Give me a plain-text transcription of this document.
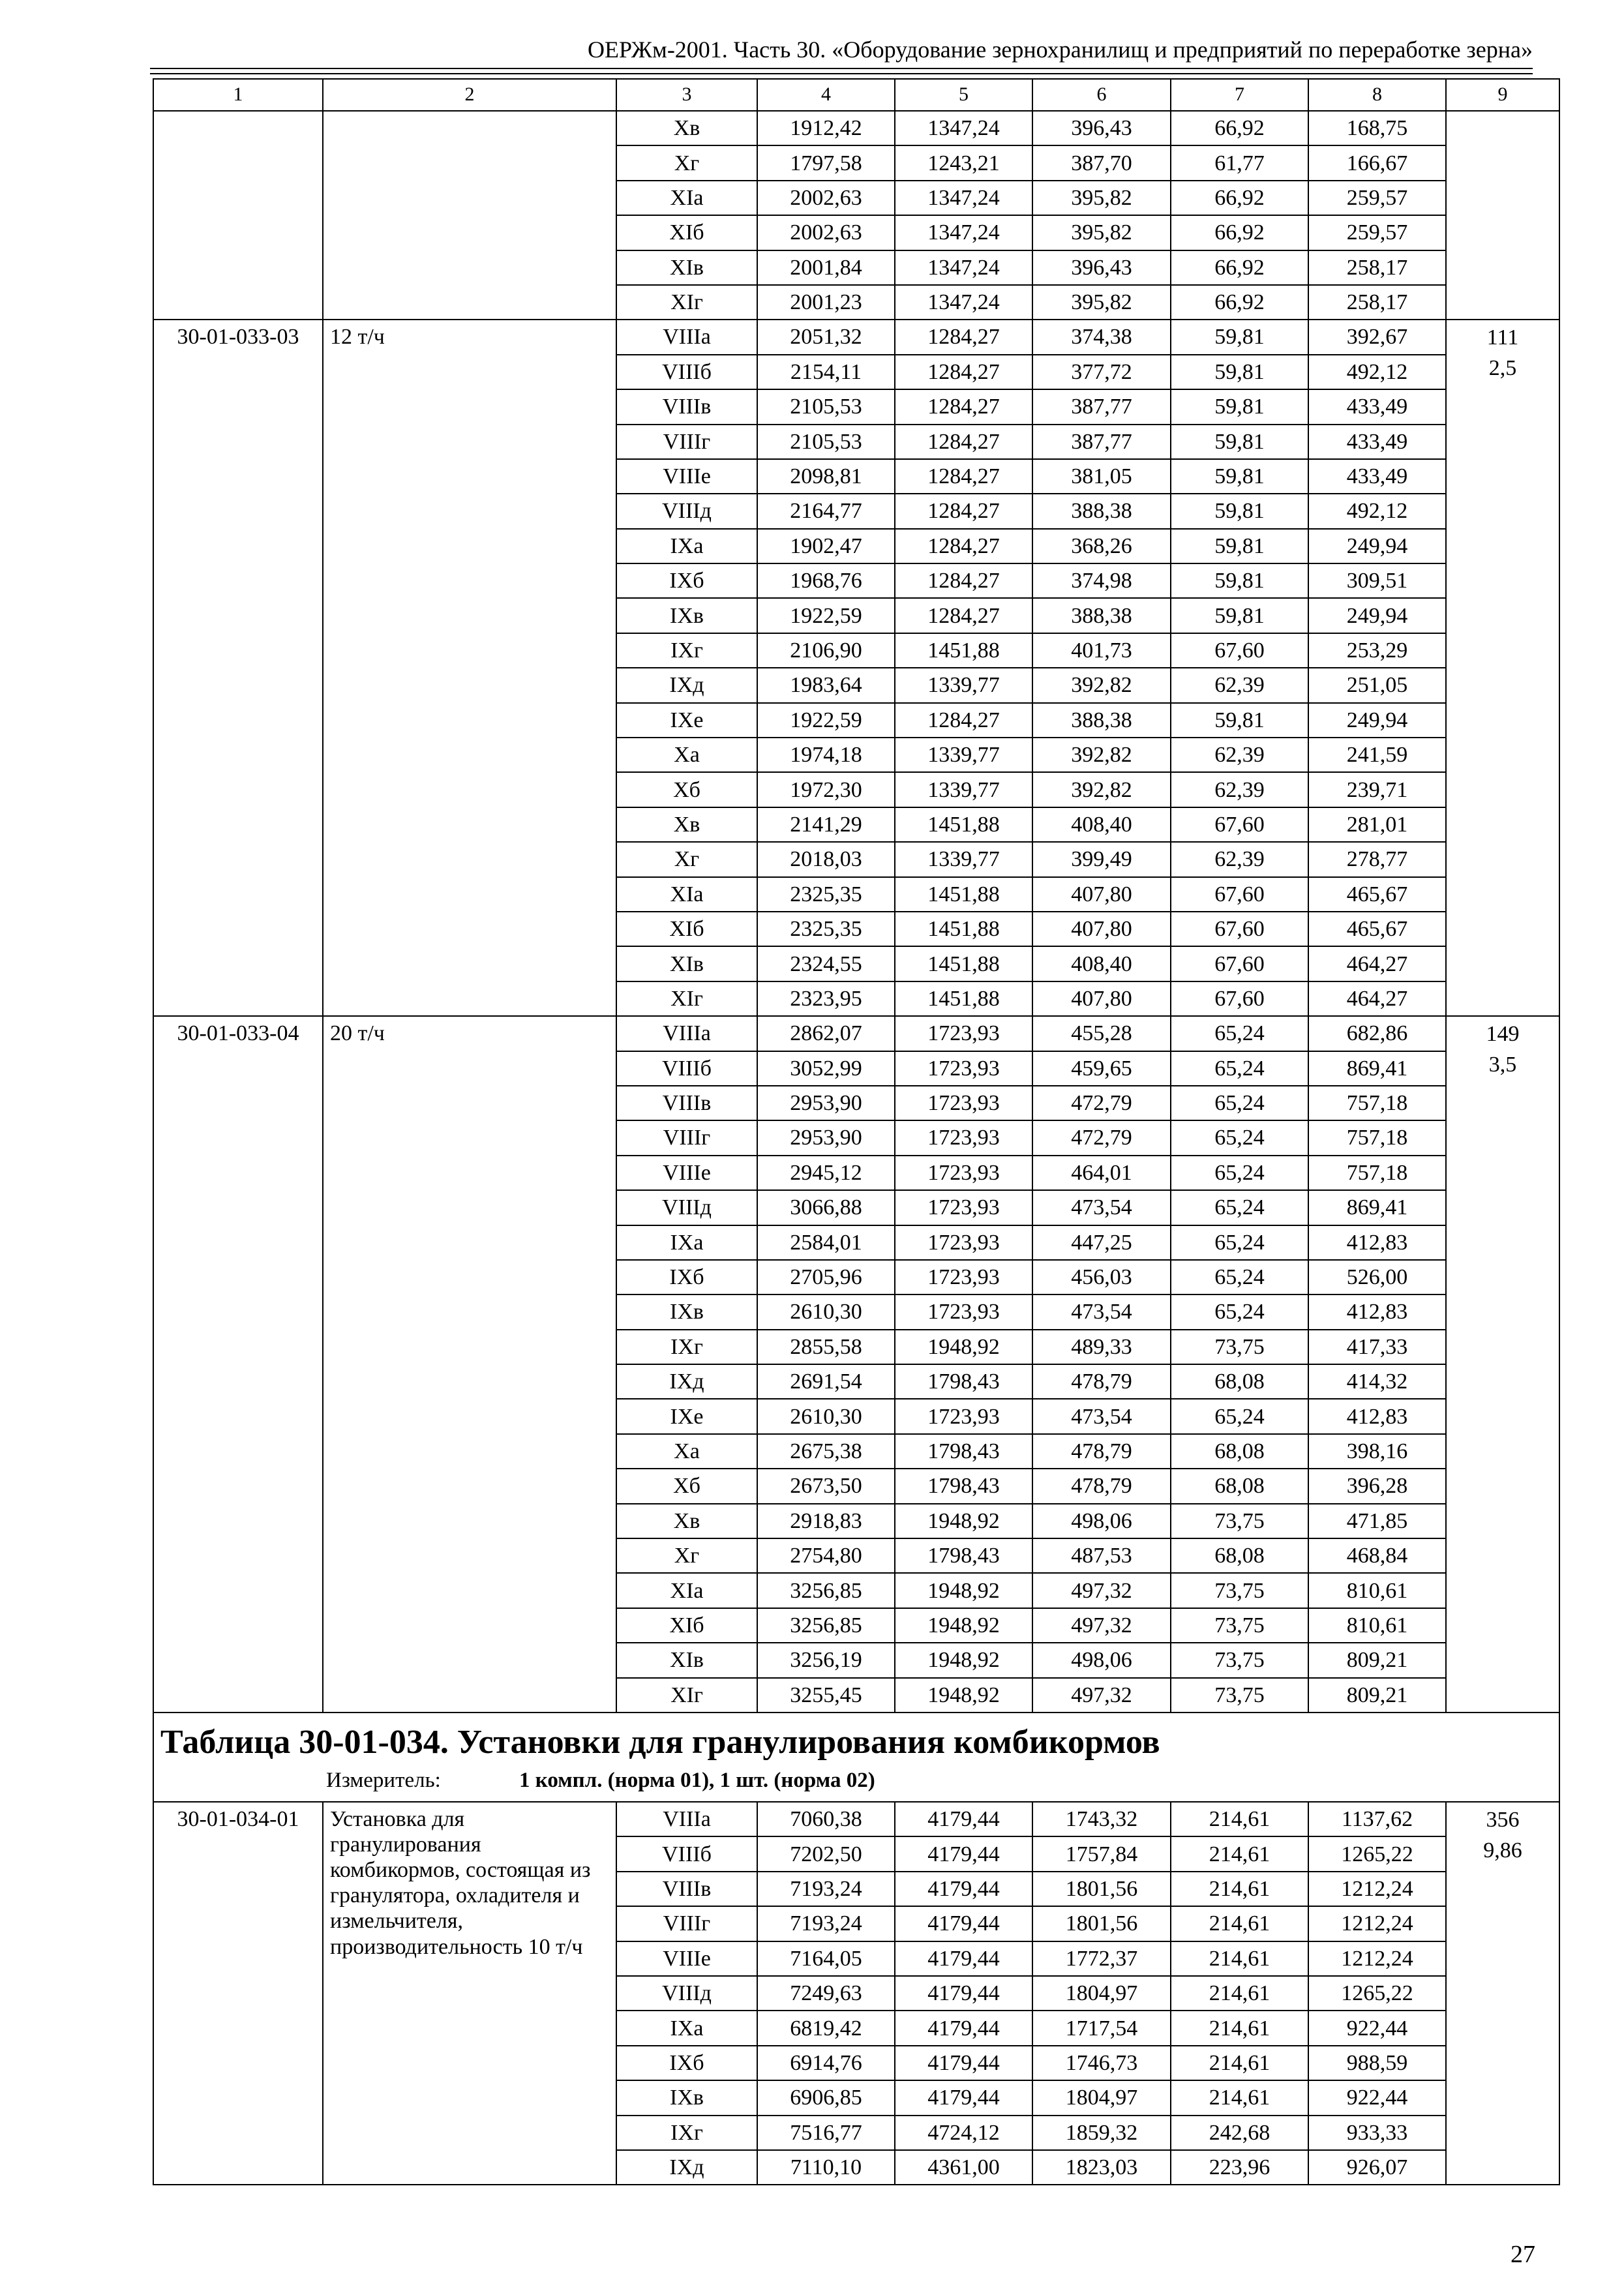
ОЕРЖм-2001. Часть 30. «Оборудование зернохранилищ и предприятий по переработке зерна»
1	2	3	4	5	6	7	8	9
		Xв	1912,42	1347,24	396,43	66,92	168,75	
		Xг	1797,58	1243,21	387,70	61,77	166,67	
		XIа	2002,63	1347,24	395,82	66,92	259,57	
		XIб	2002,63	1347,24	395,82	66,92	259,57	
		XIв	2001,84	1347,24	396,43	66,92	258,17	
		XIг	2001,23	1347,24	395,82	66,92	258,17	
30-01-033-03	12 т/ч	VIIIа	2051,32	1284,27	374,38	59,81	392,67	111
2,5

		VIIIб	2154,11	1284,27	377,72	59,81	492,12	
		VIIIв	2105,53	1284,27	387,77	59,81	433,49	
		VIIIг	2105,53	1284,27	387,77	59,81	433,49	
		VIIIе	2098,81	1284,27	381,05	59,81	433,49	
		VIIIд	2164,77	1284,27	388,38	59,81	492,12	
		IXа	1902,47	1284,27	368,26	59,81	249,94	
		IXб	1968,76	1284,27	374,98	59,81	309,51	
		IXв	1922,59	1284,27	388,38	59,81	249,94	
		IXг	2106,90	1451,88	401,73	67,60	253,29	
		IXд	1983,64	1339,77	392,82	62,39	251,05	
		IXе	1922,59	1284,27	388,38	59,81	249,94	
		Xа	1974,18	1339,77	392,82	62,39	241,59	
		Xб	1972,30	1339,77	392,82	62,39	239,71	
		Xв	2141,29	1451,88	408,40	67,60	281,01	
		Xг	2018,03	1339,77	399,49	62,39	278,77	
		XIа	2325,35	1451,88	407,80	67,60	465,67	
		XIб	2325,35	1451,88	407,80	67,60	465,67	
		XIв	2324,55	1451,88	408,40	67,60	464,27	
		XIг	2323,95	1451,88	407,80	67,60	464,27	
30-01-033-04	20 т/ч	VIIIа	2862,07	1723,93	455,28	65,24	682,86	149
3,5

		VIIIб	3052,99	1723,93	459,65	65,24	869,41	
		VIIIв	2953,90	1723,93	472,79	65,24	757,18	
		VIIIг	2953,90	1723,93	472,79	65,24	757,18	
		VIIIе	2945,12	1723,93	464,01	65,24	757,18	
		VIIIд	3066,88	1723,93	473,54	65,24	869,41	
		IXа	2584,01	1723,93	447,25	65,24	412,83	
		IXб	2705,96	1723,93	456,03	65,24	526,00	
		IXв	2610,30	1723,93	473,54	65,24	412,83	
		IXг	2855,58	1948,92	489,33	73,75	417,33	
		IXд	2691,54	1798,43	478,79	68,08	414,32	
		IXе	2610,30	1723,93	473,54	65,24	412,83	
		Xа	2675,38	1798,43	478,79	68,08	398,16	
		Xб	2673,50	1798,43	478,79	68,08	396,28	
		Xв	2918,83	1948,92	498,06	73,75	471,85	
		Xг	2754,80	1798,43	487,53	68,08	468,84	
		XIа	3256,85	1948,92	497,32	73,75	810,61	
		XIб	3256,85	1948,92	497,32	73,75	810,61	
		XIв	3256,19	1948,92	498,06	73,75	809,21	
		XIг	3255,45	1948,92	497,32	73,75	809,21	

Таблица 30-01-034. Установки для гранулирования комбикормов
Измеритель: 1 компл. (норма 01), 1 шт. (норма 02)								

30-01-034-01	Установка для гранулирования комбикормов, состоящая из гранулятора, охладителя и измельчителя, производительность 10 т/ч	VIIIа	7060,38	4179,44	1743,32	214,61	1137,62	356
9,86

		VIIIб	7202,50	4179,44	1757,84	214,61	1265,22	
		VIIIв	7193,24	4179,44	1801,56	214,61	1212,24	
		VIIIг	7193,24	4179,44	1801,56	214,61	1212,24	
		VIIIе	7164,05	4179,44	1772,37	214,61	1212,24	
		VIIIд	7249,63	4179,44	1804,97	214,61	1265,22	
		IXа	6819,42	4179,44	1717,54	214,61	922,44	
		IXб	6914,76	4179,44	1746,73	214,61	988,59	
		IXв	6906,85	4179,44	1804,97	214,61	922,44	
		IXг	7516,77	4724,12	1859,32	242,68	933,33	
		IXд	7110,10	4361,00	1823,03	223,96	926,07	
27
